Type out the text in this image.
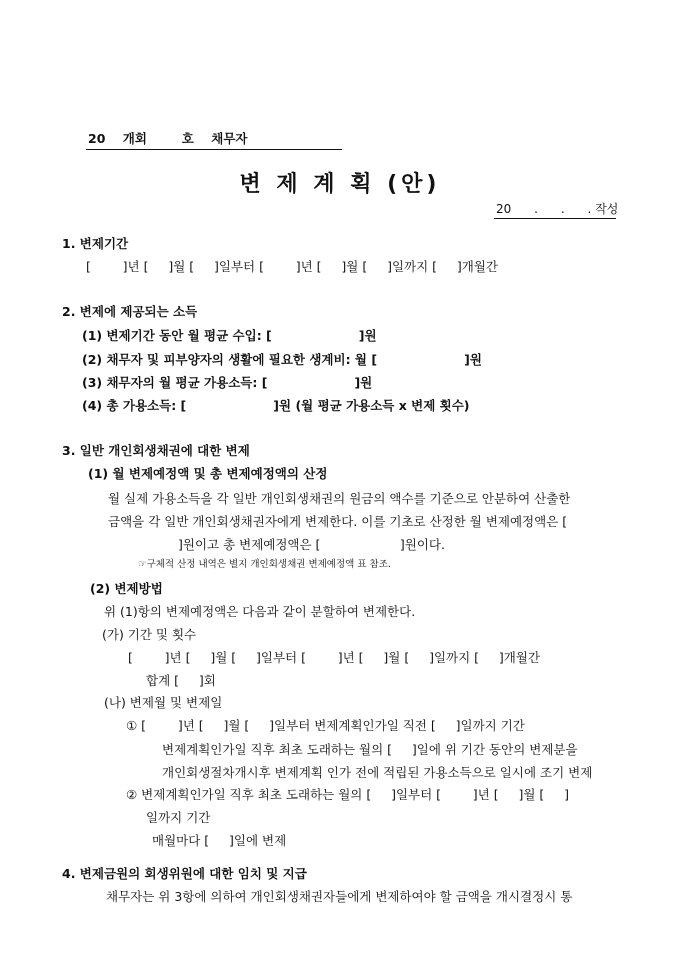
20    개회        호    채무자
변 제 계 획 (안)
20      .      .      . 작성
1. 변제기간
[        ]년 [     ]월 [     ]일부터 [        ]년 [     ]월 [     ]일까지 [     ]개월간
2. 변제에 제공되는 소득
(1) 변제기간 동안 월 평균 수입: [                    ]원
(2) 채무자 및 피부양자의 생활에 필요한 생계비: 월 [                    ]원
(3) 채무자의 월 평균 가용소득: [                    ]원
(4) 총 가용소득: [                    ]원 (월 평균 가용소득 x 변제 횟수)
3. 일반 개인회생채권에 대한 변제
(1) 월 변제예정액 및 총 변제예정액의 산정
월 실제 가용소득을 각 일반 개인회생채권의 원금의 액수를 기준으로 안분하여 산출한
금액을 각 일반 개인회생채권자에게 변제한다. 이를 기초로 산정한 월 변제예정액은 [
]원이고 총 변제예정액은 [                    ]원이다.
☞구체적 산정 내역은 별지 개인회생채권 변제예정액 표 참조.
(2) 변제방법
위 (1)항의 변제예정액은 다음과 같이 분할하여 변제한다.
(가) 기간 및 횟수
[        ]년 [     ]월 [     ]일부터 [        ]년 [     ]월 [     ]일까지 [     ]개월간
합계 [     ]회
(나) 변제월 및 변제일
① [        ]년 [     ]월 [     ]일부터 변제계획인가일 직전 [     ]일까지 기간
변제계획인가일 직후 최초 도래하는 월의 [     ]일에 위 기간 동안의 변제분을
개인회생절차개시후 변제계획 인가 전에 적립된 가용소득으로 일시에 조기 변제
② 변제계획인가일 직후 최초 도래하는 월의 [     ]일부터 [        ]년 [     ]월 [     ]
일까지 기간
매월마다 [     ]일에 변제
4. 변제금원의 회생위원에 대한 임치 및 지급
채무자는 위 3항에 의하여 개인회생채권자들에게 변제하여야 할 금액을 개시결정시 통
